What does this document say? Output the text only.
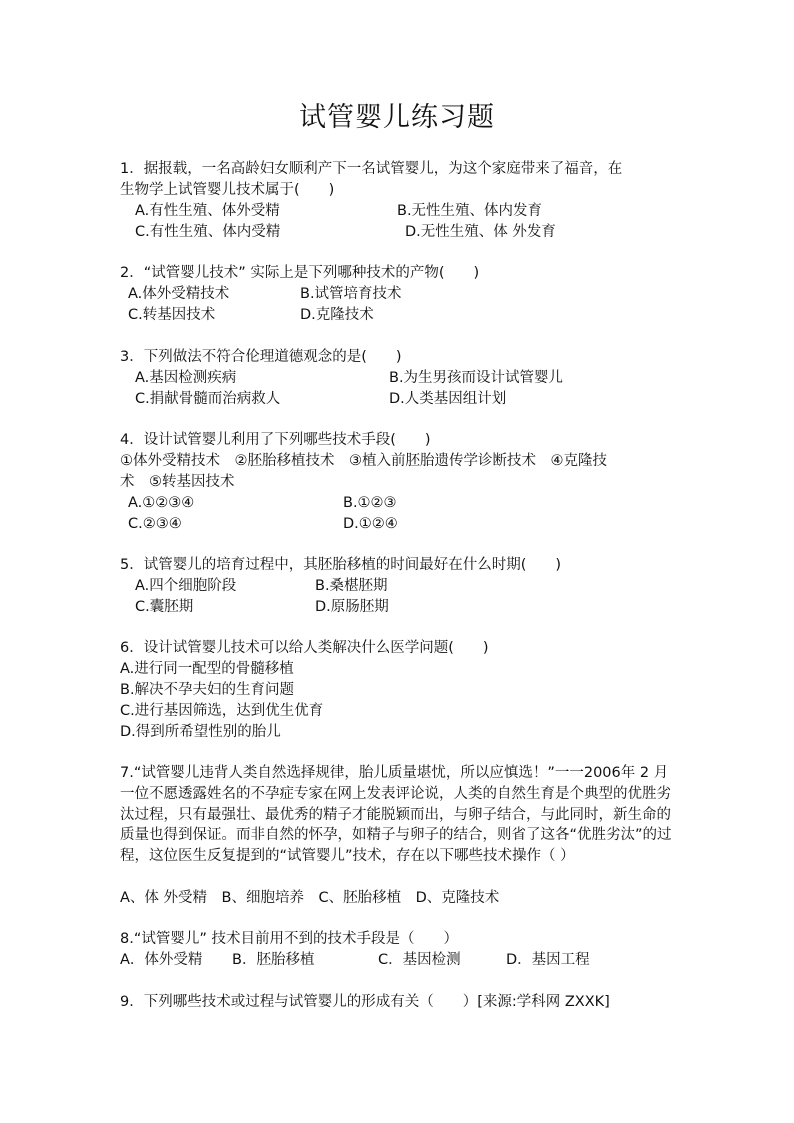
试管婴儿练习题
1．据报载，一名高龄妇女顺利产下一名试管婴儿，为这个家庭带来了福音，在
生物学上试管婴儿技术属于(　　)
A.有性生殖、体外受精	B.无性生殖、体内发育
C.有性生殖、体内受精	D.无性生殖、体 外发育
2．“试管婴儿技术” 实际上是下列哪种技术的产物(　　)
A.体外受精技术	B.试管培育技术
C.转基因技术	D.克隆技术
3．下列做法不符合伦理道德观念的是(　　)
A.基因检测疾病	B.为生男孩而设计试管婴儿
C.捐献骨髓而治病救人	D.人类基因组计划
4．设计试管婴儿利用了下列哪些技术手段(　　)
①体外受精技术　②胚胎移植技术　③植入前胚胎遗传学诊断技术　④克隆技
术　⑤转基因技术
A.①②③④	B.①②③
C.②③④	D.①②④
5．试管婴儿的培育过程中，其胚胎移植的时间最好在什么时期(　　)
A.四个细胞阶段	B.桑椹胚期
C.囊胚期	D.原肠胚期
6．设计试管婴儿技术可以给人类解决什么医学问题(　　)
A.进行同一配型的骨髓移植
B.解决不孕夫妇的生育问题
C.进行基因筛选，达到优生优育
D.得到所希望性别的胎儿
7.“试管婴儿违背人类自然选择规律，胎儿质量堪忧，所以应慎选！”一一2006年 2 月一位不愿透露姓名的不孕症专家在网上发表评论说，人类的自然生育是个典型的优胜劣汰过程，只有最强壮、最优秀的精子才能脱颖而出，与卵子结合，与此同时，新生命的质量也得到保证。而非自然的怀孕，如精子与卵子的结合，则省了这各“优胜劣汰”的过程，这位医生反复提到的“试管婴儿”技术，存在以下哪些技术操作（ ）
A、体 外受精　B、细胞培养　C、胚胎移植　D、克隆技术
8.“试管婴儿” 技术目前用不到的技术手段是（　　）
A．体外受精 B．胚胎移植	C．基因检测	D．基因工程
9．下列哪些技术或过程与试管婴儿的形成有关（　　）[来源:学科网 ZXXK]
